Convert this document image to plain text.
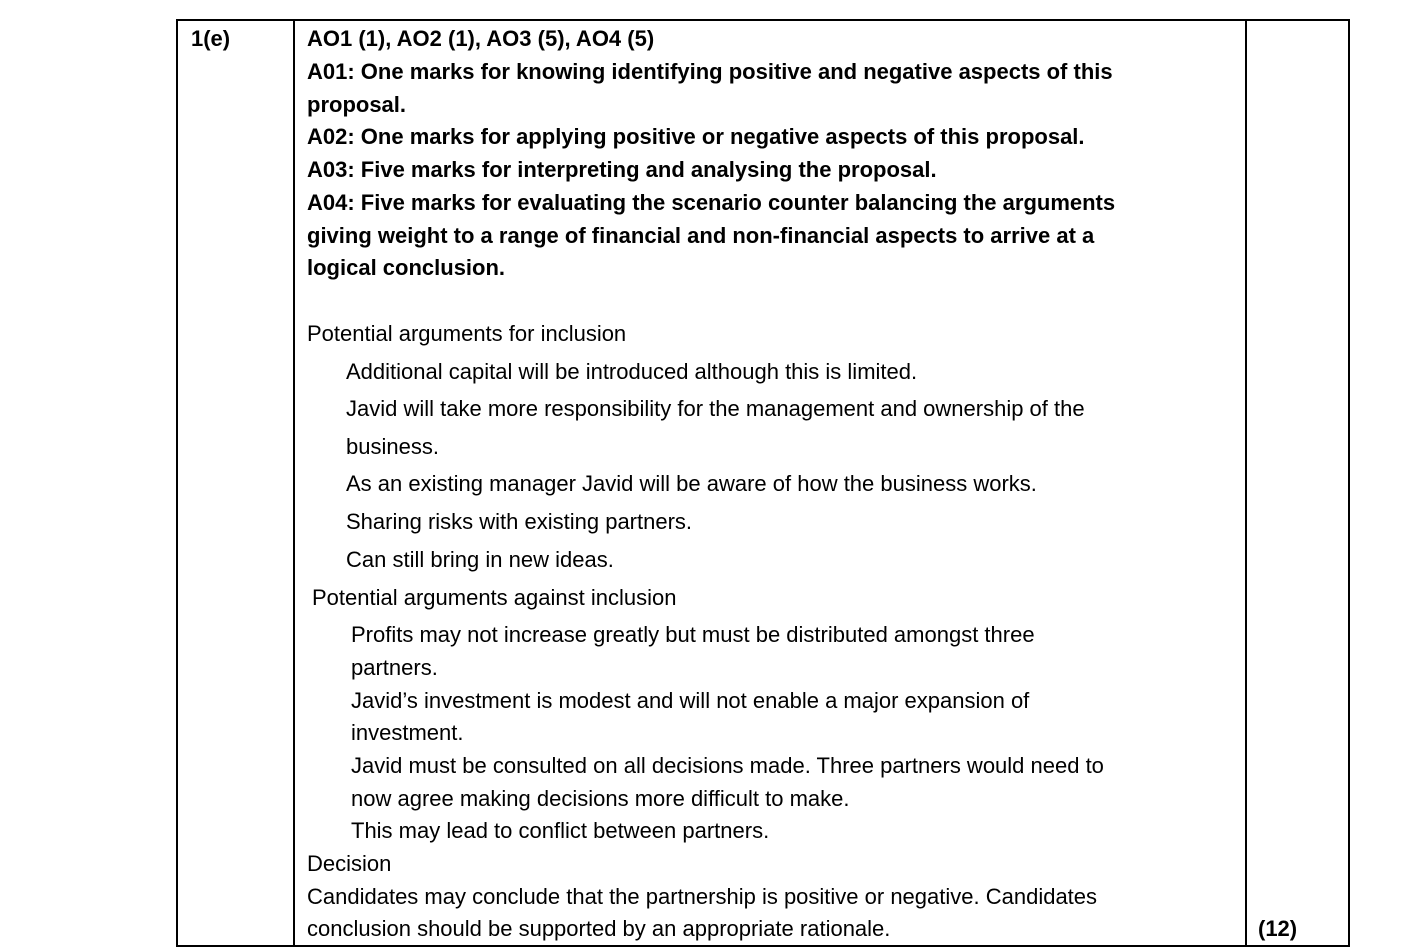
1(e)	AO1 (1), AO2 (1), AO3 (5), AO4 (5)
A01: One marks for knowing identifying positive and negative aspects of this
proposal.
A02: One marks for applying positive or negative aspects of this proposal.
A03: Five marks for interpreting and analysing the proposal.
A04: Five marks for evaluating the scenario counter balancing the arguments
giving weight to a range of financial and non-financial aspects to arrive at a
logical conclusion.
Potential arguments for inclusion
Additional capital will be introduced although this is limited.
Javid will take more responsibility for the management and ownership of the
business.
As an existing manager Javid will be aware of how the business works.
Sharing risks with existing partners.
Can still bring in new ideas.
Potential arguments against inclusion
Profits may not increase greatly but must be distributed amongst three
partners.
Javid’s investment is modest and will not enable a major expansion of
investment.
Javid must be consulted on all decisions made. Three partners would need to
now agree making decisions more difficult to make.
This may lead to conflict between partners.
Decision
Candidates may conclude that the partnership is positive or negative. Candidates
conclusion should be supported by an appropriate rationale.	(12)
